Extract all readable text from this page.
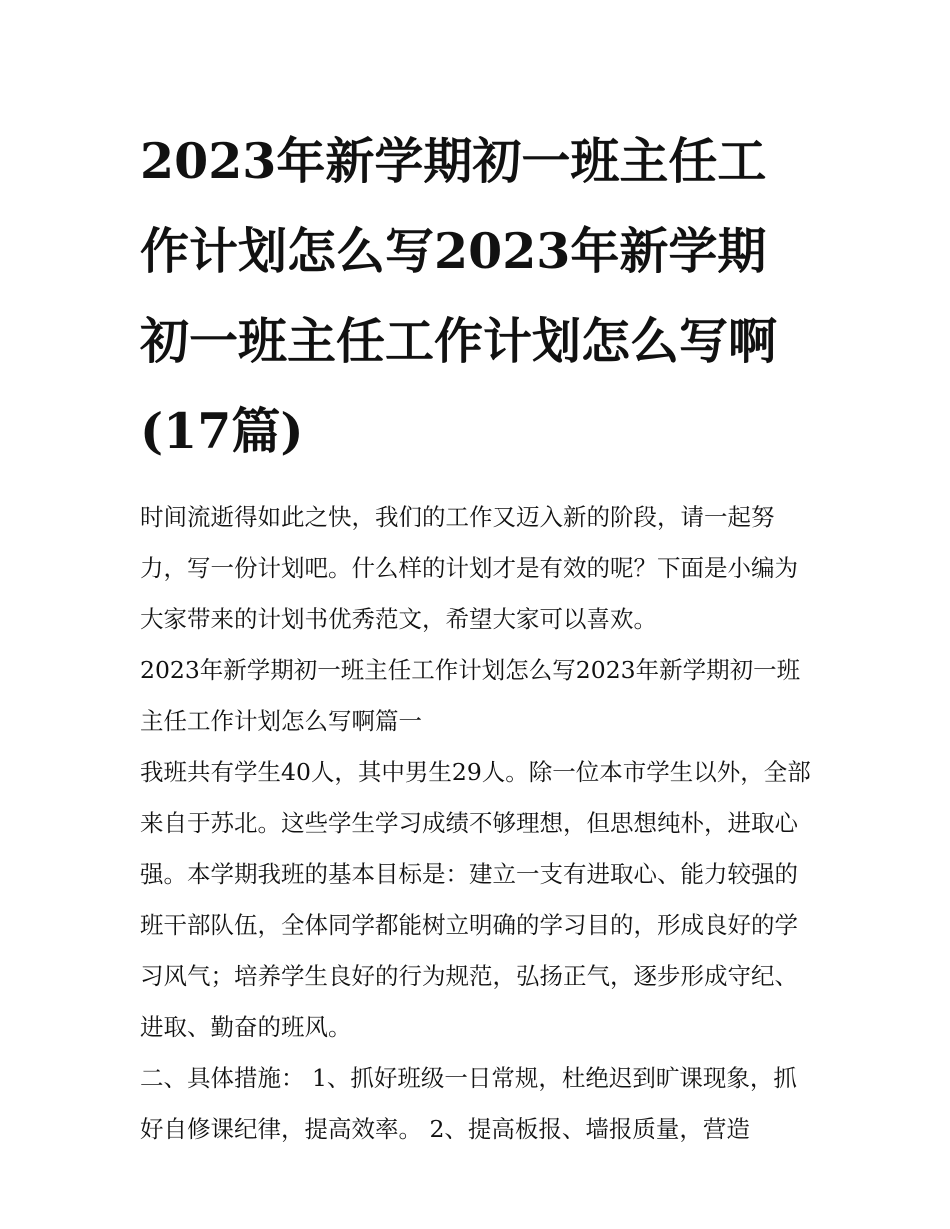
2023年新学期初一班主任工作计划怎么写2023年新学期初一班主任工作计划怎么写啊(17篇)

时间流逝得如此之快，我们的工作又迈入新的阶段，请一起努力，写一份计划吧。什么样的计划才是有效的呢？下面是小编为大家带来的计划书优秀范文，希望大家可以喜欢。

2023年新学期初一班主任工作计划怎么写2023年新学期初一班主任工作计划怎么写啊篇一

我班共有学生40人，其中男生29人。除一位本市学生以外，全部来自于苏北。这些学生学习成绩不够理想，但思想纯朴，进取心强。本学期我班的基本目标是：建立一支有进取心、能力较强的班干部队伍，全体同学都能树立明确的学习目的，形成良好的学习风气；培养学生良好的行为规范，弘扬正气，逐步形成守纪、进取、勤奋的班风。

二、具体措施： 1、抓好班级一日常规，杜绝迟到旷课现象，抓好自修课纪律，提高效率。 2、提高板报、墙报质量，营造
